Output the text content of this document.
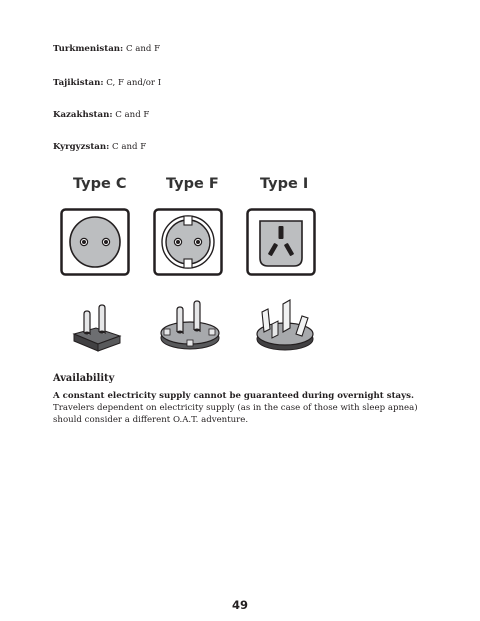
Turkmenistan: C and F
Tajikistan: C, F and/or I
Kazakhstan: C and F
Kyrgyzstan: C and F
Type C	Type F	Type I
Availability
A constant electricity supply cannot be guaranteed during overnight stays. Travelers dependent on electricity supply (as in the case of those with sleep apnea) should consider a different O.A.T. adventure.
49
